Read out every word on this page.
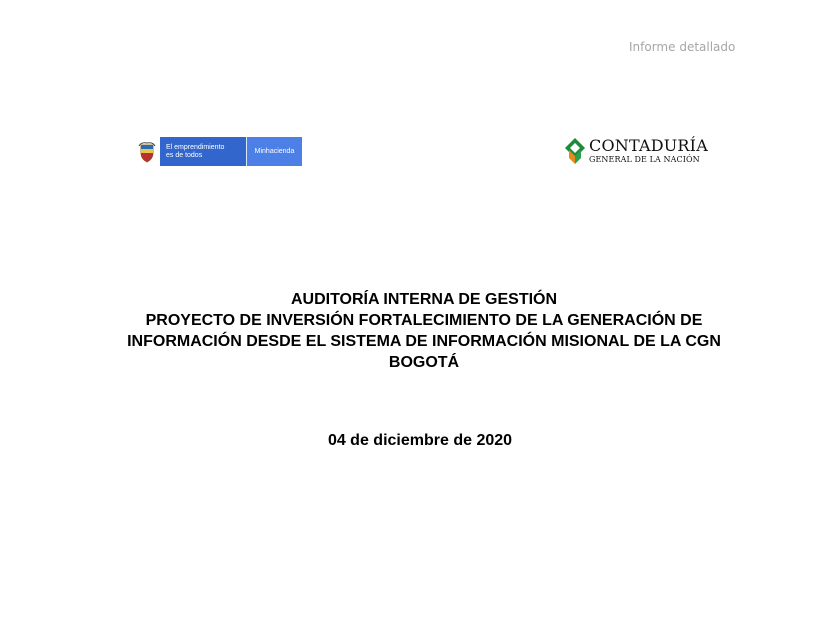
Informe detallado
El emprendimiento
es de todos	Minhacienda	CONTADURÍA
GENERAL DE LA NACIÓN
AUDITORÍA INTERNA DE GESTIÓN
PROYECTO DE INVERSIÓN FORTALECIMIENTO DE LA GENERACIÓN DE
INFORMACIÓN DESDE EL SISTEMA DE INFORMACIÓN MISIONAL DE LA CGN
BOGOTÁ
04 de diciembre de 2020
